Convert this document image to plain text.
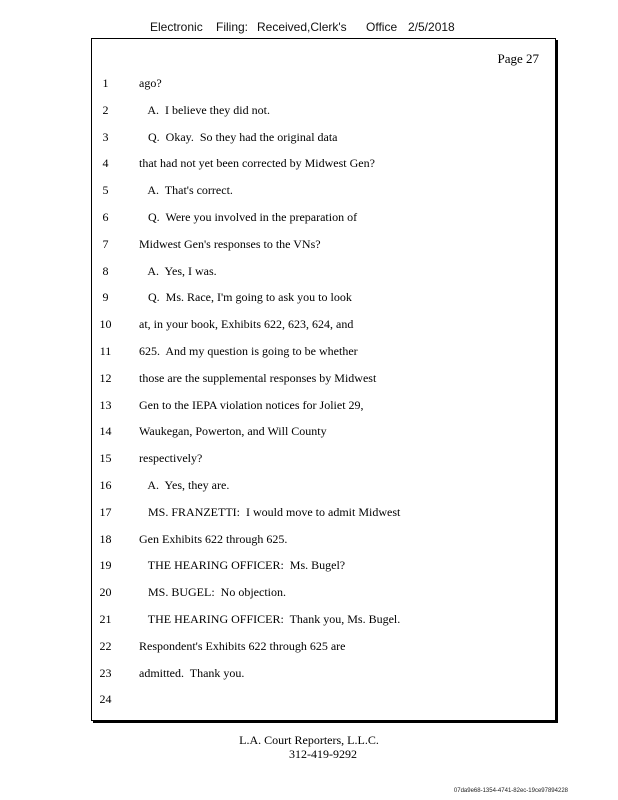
Electronic Filing: Received,Clerk's Office 2/5/2018
Page 27
1	ago?
2	A.  I believe they did not.
3	Q.  Okay.  So they had the original data
4	that had not yet been corrected by Midwest Gen?
5	A.  That's correct.
6	Q.  Were you involved in the preparation of
7	Midwest Gen's responses to the VNs?
8	A.  Yes, I was.
9	Q.  Ms. Race, I'm going to ask you to look
10	at, in your book, Exhibits 622, 623, 624, and
11	625.  And my question is going to be whether
12	those are the supplemental responses by Midwest
13	Gen to the IEPA violation notices for Joliet 29,
14	Waukegan, Powerton, and Will County
15	respectively?
16	A.  Yes, they are.
17	MS. FRANZETTI:  I would move to admit Midwest
18	Gen Exhibits 622 through 625.
19	THE HEARING OFFICER:  Ms. Bugel?
20	MS. BUGEL:  No objection.
21	THE HEARING OFFICER:  Thank you, Ms. Bugel.
22	Respondent's Exhibits 622 through 625 are
23	admitted.  Thank you.
24
L.A. Court Reporters, L.L.C.
312-419-9292
07da9e68-1354-4741-82ec-19ce97894228
